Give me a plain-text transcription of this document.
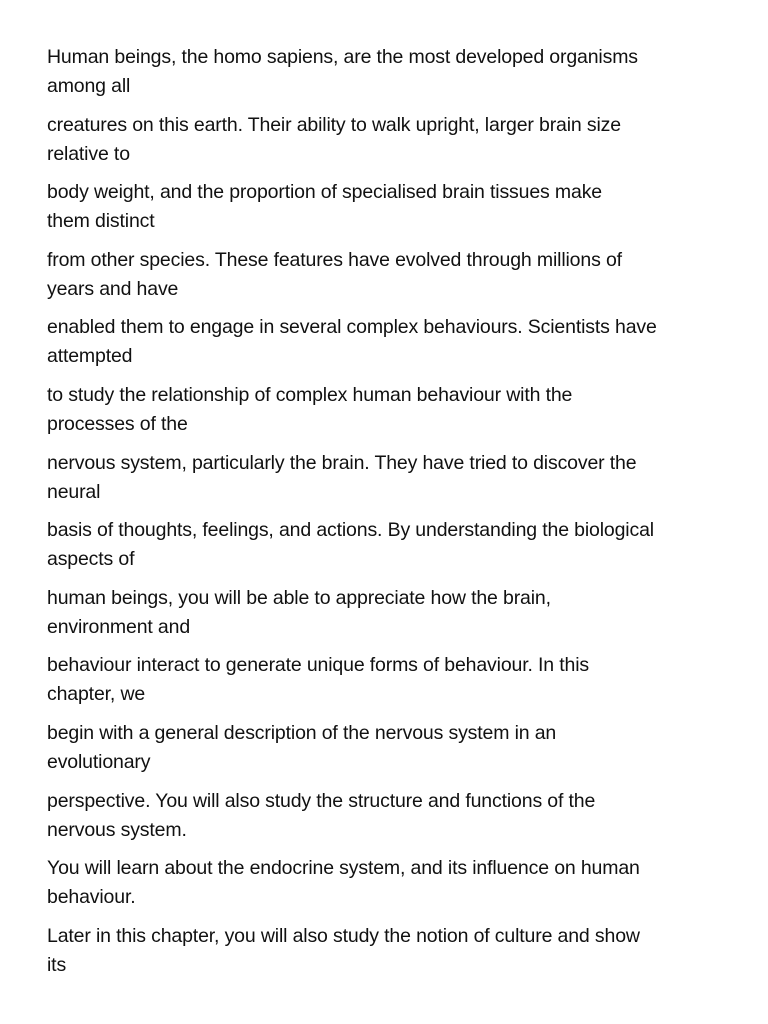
Human beings, the homo sapiens, are the most developed organisms
among all

creatures on this earth. Their ability to walk upright, larger brain size
relative to

body weight, and the proportion of specialised brain tissues make
them distinct

from other species. These features have evolved through millions of
years and have

enabled them to engage in several complex behaviours. Scientists have
attempted

to study the relationship of complex human behaviour with the
processes of the

nervous system, particularly the brain. They have tried to discover the
neural

basis of thoughts, feelings, and actions. By understanding the biological
aspects of

human beings, you will be able to appreciate how the brain,
environment and

behaviour interact to generate unique forms of behaviour. In this
chapter, we

begin with a general description of the nervous system in an
evolutionary

perspective. You will also study the structure and functions of the
nervous system.

You will learn about the endocrine system, and its influence on human
behaviour.

Later in this chapter, you will also study the notion of culture and show
its
